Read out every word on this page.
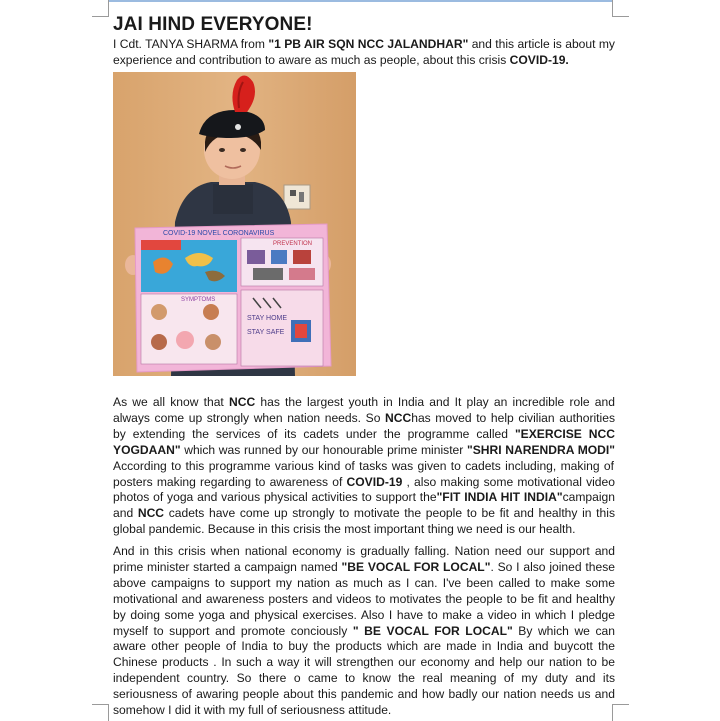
JAI HIND EVERYONE!

I Cdt. TANYA SHARMA from "1 PB AIR SQN NCC JALANDHAR" and this article is about my experience and contribution to aware as much as people, about this crisis COVID-19.

COVID-19 NOVEL CORONAVIRUS
PREVENTION
SYMPTOMS
STAY HOME
STAY SAFE

As we all know that NCC has the largest youth in India and It play an incredible role and always come up strongly when nation needs. So NCChas moved to help civilian authorities by extending the services of its cadets under the programme called "EXERCISE NCC YOGDAAN" which was runned by our honourable prime minister "SHRI NARENDRA MODI" According to this programme various kind of tasks was given to cadets including, making of posters making regarding to awareness of COVID-19 , also making some motivational video photos of yoga and various physical activities to support the"FIT INDIA HIT INDIA"campaign and NCC cadets have come up strongly to motivate the people to be fit and healthy in this global pandemic. Because in this crisis the most important thing we need is our health.

And in this crisis when national economy is gradually falling. Nation need our support and prime minister started a campaign named "BE VOCAL FOR LOCAL". So I also joined these above campaigns to support my nation as much as I can. I've been called to make some motivational and awareness posters and videos to motivates the people to be fit and healthy by doing some yoga and physical exercises. Also I have to make a video in which I pledge myself to support and promote conciously " BE VOCAL FOR LOCAL" By which we can aware other people of India to buy the products which are made in India and buycott the Chinese products . In such a way it will strengthen our economy and help our nation to be independent country. So there o came to know the real meaning of my duty and its seriousness of awaring people about this pandemic and how badly our nation needs us and somehow I did it with my full of seriousness attitude.
